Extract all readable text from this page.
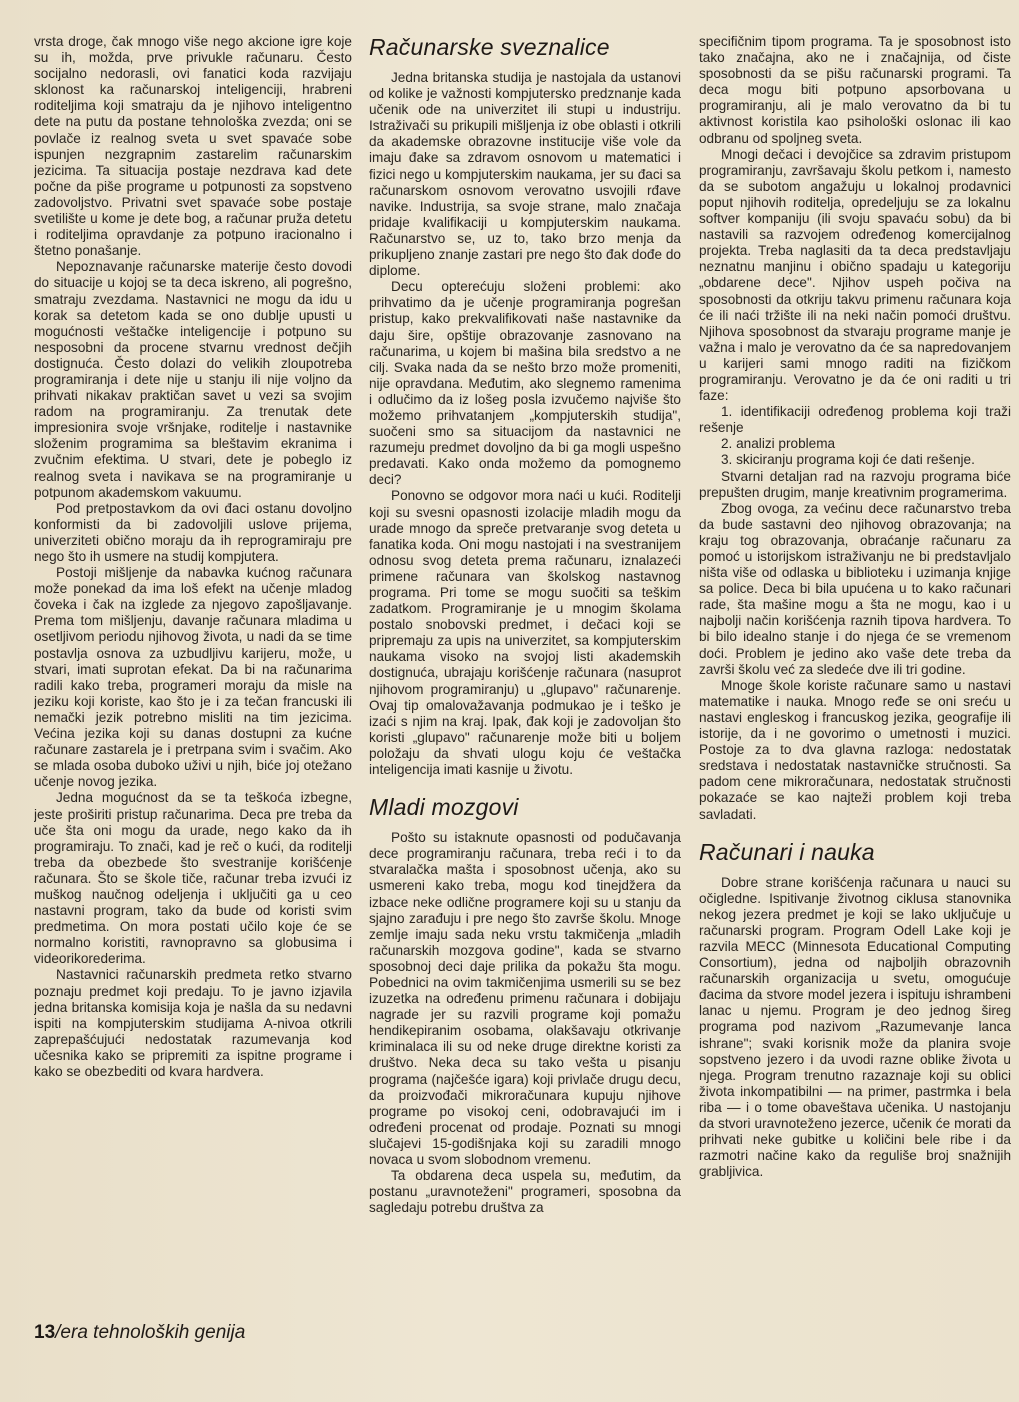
vrsta droge, čak mnogo više nego akcione igre koje su ih, možda, prve privukle računaru. Često socijalno nedorasli, ovi fanatici koda razvijaju sklonost ka računarskoj inteligenciji, hrabreni roditeljima koji smatraju da je njihovo inteligentno dete na putu da postane tehnološka zvezda; oni se povlače iz realnog sveta u svet spavaće sobe ispunjen nezgrapnim zastarelim računarskim jezicima. Ta situacija postaje nezdrava kad dete počne da piše programe u potpunosti za sopstveno zadovoljstvo. Privatni svet spavaće sobe postaje svetilište u kome je dete bog, a računar pruža detetu i roditeljima opravdanje za potpuno iracionalno i štetno ponašanje.

Nepoznavanje računarske materije često dovodi do situacije u kojoj se ta deca iskreno, ali pogrešno, smatraju zvezdama. Nastavnici ne mogu da idu u korak sa detetom kada se ono dublje upusti u mogućnosti veštačke inteligencije i potpuno su nesposobni da procene stvarnu vrednost dečjih dostignuća. Često dolazi do velikih zloupotreba programiranja i dete nije u stanju ili nije voljno da prihvati nikakav praktičan savet u vezi sa svojim radom na programiranju. Za trenutak dete impresionira svoje vršnjake, roditelje i nastavnike složenim programima sa bleštavim ekranima i zvučnim efektima. U stvari, dete je pobeglo iz realnog sveta i navikava se na programiranje u potpunom akademskom vakuumu.

Pod pretpostavkom da ovi đaci ostanu dovoljno konformisti da bi zadovoljili uslove prijema, univerziteti obično moraju da ih reprogramiraju pre nego što ih usmere na studij kompjutera.

Postoji mišljenje da nabavka kućnog računara može ponekad da ima loš efekt na učenje mladog čoveka i čak na izglede za njegovo zapošljavanje. Prema tom mišljenju, davanje računara mladima u osetljivom periodu njihovog života, u nadi da se time postavlja osnova za uzbudljivu karijeru, može, u stvari, imati suprotan efekat. Da bi na računarima radili kako treba, programeri moraju da misle na jeziku koji koriste, kao što je i za tečan francuski ili nemački jezik potrebno misliti na tim jezicima. Većina jezika koji su danas dostupni za kućne računare zastarela je i pretrpana svim i svačim. Ako se mlada osoba duboko uživi u njih, biće joj otežano učenje novog jezika.

Jedna mogućnost da se ta teškoća izbegne, jeste proširiti pristup računarima. Deca pre treba da uče šta oni mogu da urade, nego kako da ih programiraju. To znači, kad je reč o kući, da roditelji treba da obezbede što svestranije korišćenje računara. Što se škole tiče, računar treba izvući iz muškog naučnog odeljenja i uključiti ga u ceo nastavni program, tako da bude od koristi svim predmetima. On mora postati učilo koje će se normalno koristiti, ravnopravno sa globusima i videorikorederima.

Nastavnici računarskih predmeta retko stvarno poznaju predmet koji predaju. To je javno izjavila jedna britanska komisija koja je našla da su nedavni ispiti na kompjuterskim studijama A-nivoa otkrili zaprepašćujući nedostatak razumevanja kod učesnika kako se pripremiti za ispitne programe i kako se obezbediti od kvara hardvera.

Računarske sveznalice

Jedna britanska studija je nastojala da ustanovi od kolike je važnosti kompjutersko predznanje kada učenik ode na univerzitet ili stupi u industriju. Istraživači su prikupili mišljenja iz obe oblasti i otkrili da akademske obrazovne institucije više vole da imaju đake sa zdravom osnovom u matematici i fizici nego u kompjuterskim naukama, jer su đaci sa računarskom osnovom verovatno usvojili rđave navike. Industrija, sa svoje strane, malo značaja pridaje kvalifikaciji u kompjuterskim naukama. Računarstvo se, uz to, tako brzo menja da prikupljeno znanje zastari pre nego što đak dođe do diplome.

Decu opterećuju složeni problemi: ako prihvatimo da je učenje programiranja pogrešan pristup, kako prekvalifikovati naše nastavnike da daju šire, opštije obrazovanje zasnovano na računarima, u kojem bi mašina bila sredstvo a ne cilj. Svaka nada da se nešto brzo može promeniti, nije opravdana. Međutim, ako slegnemo ramenima i odlučimo da iz lošeg posla izvučemo najviše što možemo prihvatanjem „kompjuterskih studija", suočeni smo sa situacijom da nastavnici ne razumeju predmet dovoljno da bi ga mogli uspešno predavati. Kako onda možemo da pomognemo deci?

Ponovno se odgovor mora naći u kući. Roditelji koji su svesni opasnosti izolacije mladih mogu da urade mnogo da spreče pretvaranje svog deteta u fanatika koda. Oni mogu nastojati i na svestranijem odnosu svog deteta prema računaru, iznalazeći primene računara van školskog nastavnog programa. Pri tome se mogu suočiti sa teškim zadatkom. Programiranje je u mnogim školama postalo snobovski predmet, i dečaci koji se pripremaju za upis na univerzitet, sa kompjuterskim naukama visoko na svojoj listi akademskih dostignuća, ubrajaju korišćenje računara (nasuprot njihovom programiranju) u „glupavo" računarenje. Ovaj tip omalovažavanja podmukao je i teško je izaći s njim na kraj. Ipak, đak koji je zadovoljan što koristi „glupavo" računarenje može biti u boljem položaju da shvati ulogu koju će veštačka inteligencija imati kasnije u životu.

Mladi mozgovi

Pošto su istaknute opasnosti od podučavanja dece programiranju računara, treba reći i to da stvaralačka mašta i sposobnost učenja, ako su usmereni kako treba, mogu kod tinejdžera da izbace neke odlične programere koji su u stanju da sjajno zarađuju i pre nego što završe školu. Mnoge zemlje imaju sada neku vrstu takmičenja „mladih računarskih mozgova godine", kada se stvarno sposobnoj deci daje prilika da pokažu šta mogu. Pobednici na ovim takmičenjima usmerili su se bez izuzetka na određenu primenu računara i dobijaju nagrade jer su razvili programe koji pomažu hendikepiranim osobama, olakšavaju otkrivanje kriminalaca ili su od neke druge direktne koristi za društvo. Neka deca su tako vešta u pisanju programa (najčešće igara) koji privlače drugu decu, da proizvođači mikroračunara kupuju njihove programe po visokoj ceni, odobravajući im i određeni procenat od prodaje. Poznati su mnogi slučajevi 15-godišnjaka koji su zaradili mnogo novaca u svom slobodnom vremenu.

Ta obdarena deca uspela su, međutim, da postanu „uravnoteženi" programeri, sposobna da sagledaju potrebu društva za

specifičnim tipom programa. Ta je sposobnost isto tako značajna, ako ne i značajnija, od čiste sposobnosti da se pišu računarski programi. Ta deca mogu biti potpuno apsorbovana u programiranju, ali je malo verovatno da bi tu aktivnost koristila kao psihološki oslonac ili kao odbranu od spoljneg sveta.

Mnogi dečaci i devojčice sa zdravim pristupom programiranju, završavaju školu petkom i, namesto da se subotom angažuju u lokalnoj prodavnici poput njihovih roditelja, opredeljuju se za lokalnu softver kompaniju (ili svoju spavaću sobu) da bi nastavili sa razvojem određenog komercijalnog projekta. Treba naglasiti da ta deca predstavljaju neznatnu manjinu i obično spadaju u kategoriju „obdarene dece". Njihov uspeh počiva na sposobnosti da otkriju takvu primenu računara koja će ili naći tržište ili na neki način pomoći društvu. Njihova sposobnost da stvaraju programe manje je važna i malo je verovatno da će sa napredovanjem u karijeri sami mnogo raditi na fizičkom programiranju. Verovatno je da će oni raditi u tri faze:

1. identifikaciji određenog problema koji traži rešenje
2. analizi problema
3. skiciranju programa koji će dati rešenje.

Stvarni detaljan rad na razvoju programa biće prepušten drugim, manje kreativnim programerima.

Zbog ovoga, za većinu dece računarstvo treba da bude sastavni deo njihovog obrazovanja; na kraju tog obrazovanja, obraćanje računaru za pomoć u istorijskom istraživanju ne bi predstavljalo ništa više od odlaska u biblioteku i uzimanja knjige sa police. Deca bi bila upućena u to kako računari rade, šta mašine mogu a šta ne mogu, kao i u najbolji način korišćenja raznih tipova hardvera. To bi bilo idealno stanje i do njega će se vremenom doći. Problem je jedino ako vaše dete treba da završi školu već za sledeće dve ili tri godine.

Mnoge škole koriste računare samo u nastavi matematike i nauka. Mnogo ređe se oni sreću u nastavi engleskog i francuskog jezika, geografije ili istorije, da i ne govorimo o umetnosti i muzici. Postoje za to dva glavna razloga: nedostatak sredstava i nedostatak nastavničke stručnosti. Sa padom cene mikroračunara, nedostatak stručnosti pokazaće se kao najteži problem koji treba savladati.

Računari i nauka

Dobre strane korišćenja računara u nauci su očigledne. Ispitivanje životnog ciklusa stanovnika nekog jezera predmet je koji se lako uključuje u računarski program. Program Odell Lake koji je razvila MECC (Minnesota Educational Computing Consortium), jedna od najboljih obrazovnih računarskih organizacija u svetu, omogućuje đacima da stvore model jezera i ispituju ishrambeni lanac u njemu. Program je deo jednog šireg programa pod nazivom „Razumevanje lanca ishrane"; svaki korisnik može da planira svoje sopstveno jezero i da uvodi razne oblike života u njega. Program trenutno razaznaje koji su oblici života inkompatibilni — na primer, pastrmka i bela riba — i o tome obaveštava učenika. U nastojanju da stvori uravnoteženo jezerce, učenik će morati da prihvati neke gubitke u količini bele ribe i da razmotri načine kako da reguliše broj snažnijih grabljivica.

13/era tehnoloških genija
